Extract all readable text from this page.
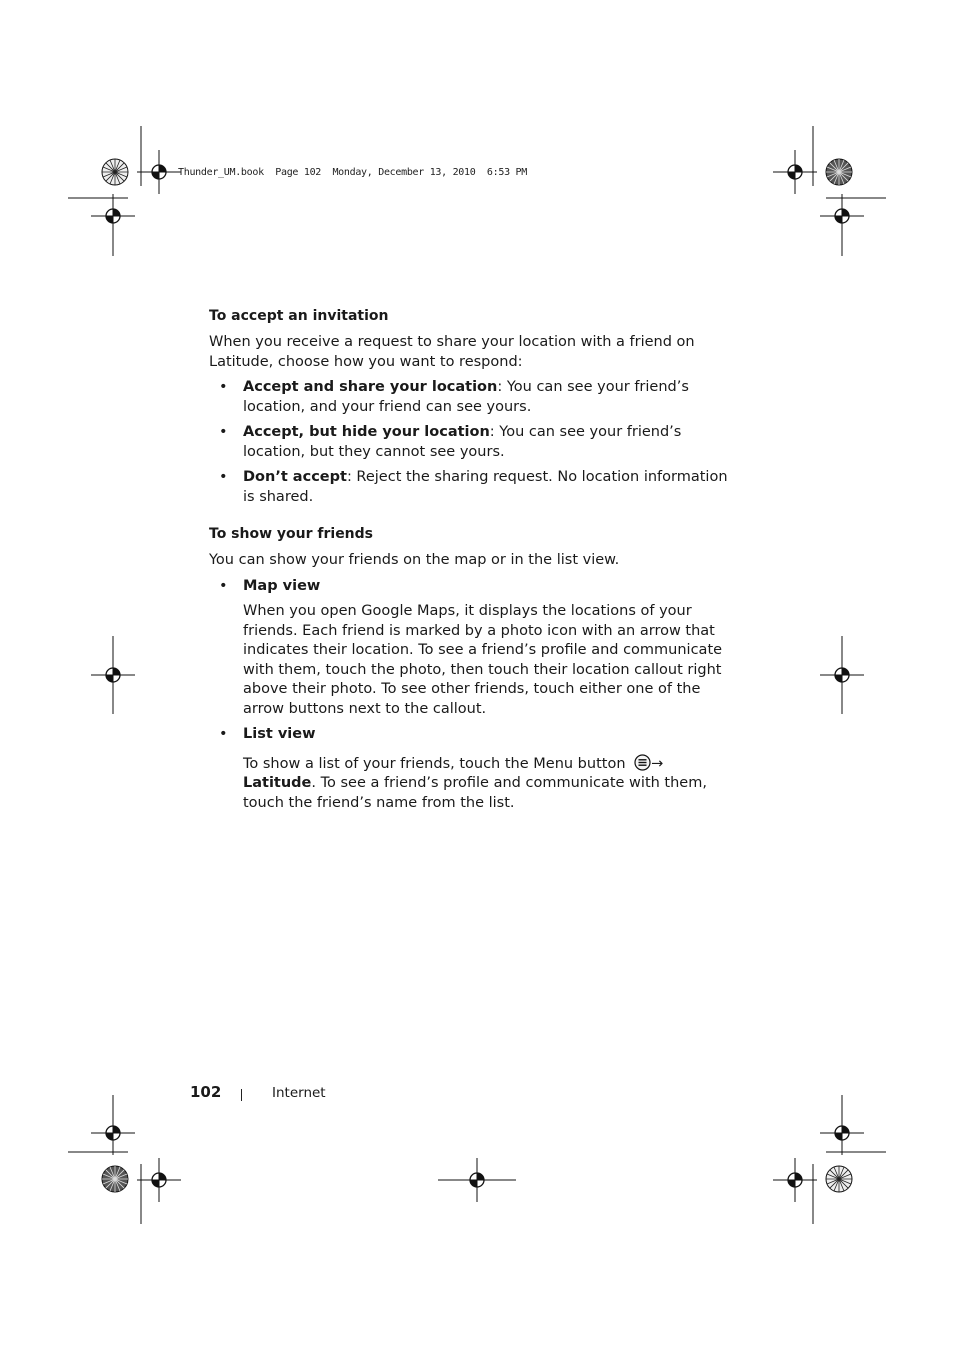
Thunder_UM.book  Page 102  Monday, December 13, 2010  6:53 PM
To accept an invitation

When you receive a request to share your location with a friend on Latitude, choose how you want to respond:

• Accept and share your location: You can see your friend’s location, and your friend can see yours.
• Accept, but hide your location: You can see your friend’s location, but they cannot see yours.
• Don’t accept: Reject the sharing request. No location information is shared.
To show your friends

You can show your friends on the map or in the list view.

• Map view

When you open Google Maps, it displays the locations of your friends. Each friend is marked by a photo icon with an arrow that indicates their location. To see a friend’s profile and communicate with them, touch the photo, then touch their location callout right above their photo. To see other friends, touch either one of the arrow buttons next to the callout.

• List view

To show a list of your friends, touch the Menu button →
Latitude. To see a friend’s profile and communicate with them, touch the friend’s name from the list.

102	Internet
